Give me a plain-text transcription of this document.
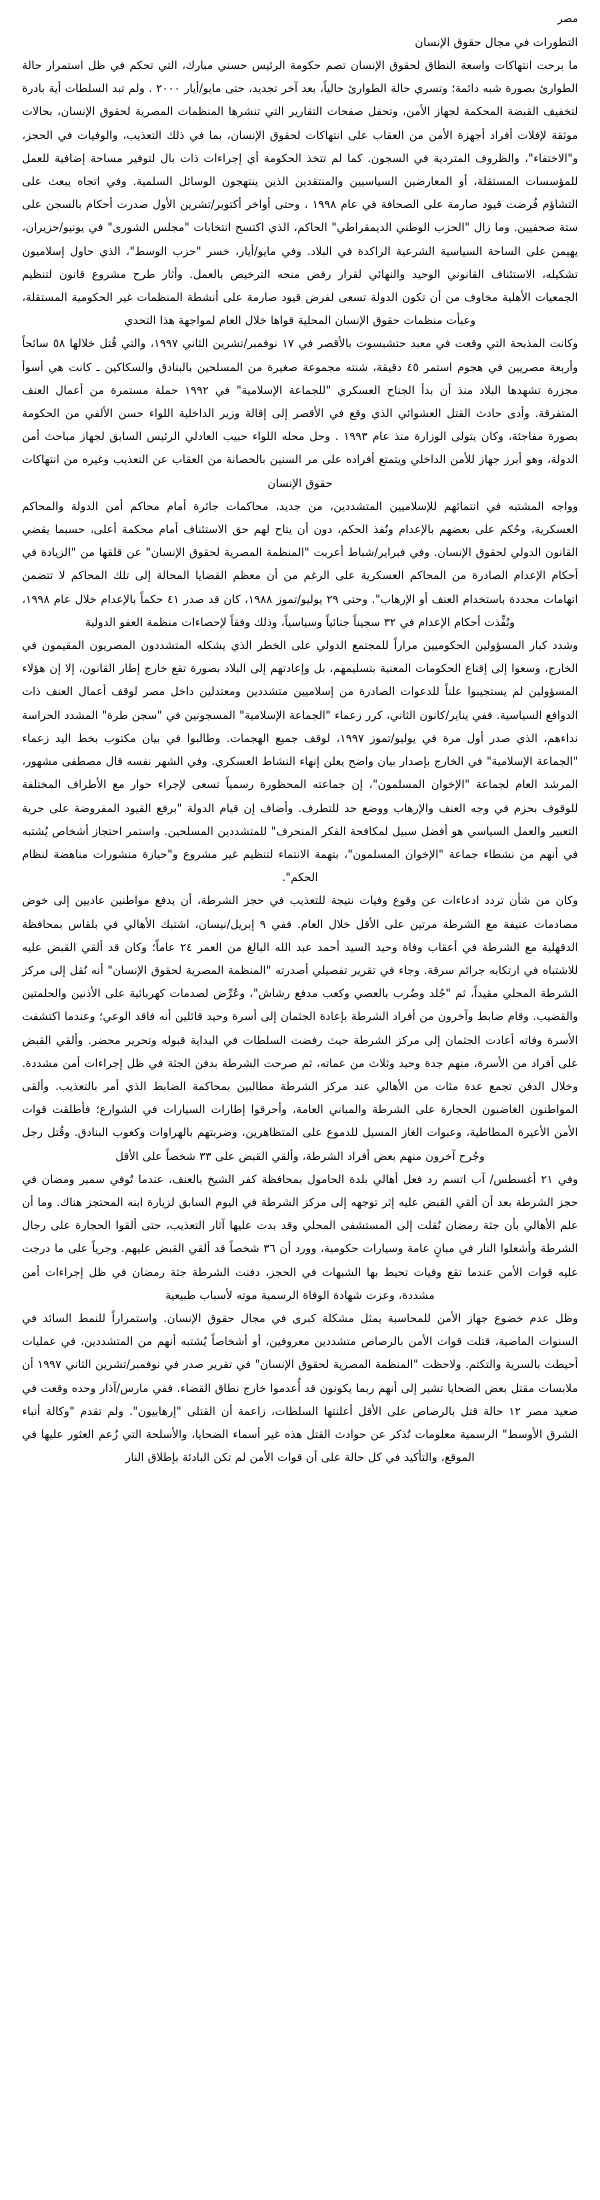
مصر
التطورات في مجال حقوق الإنسان

ما برحت انتهاكات واسعة النطاق لحقوق الإنسان تصم حكومة الرئيس حسني مبارك، التي تحكم في ظل استمرار حالة الطوارئ بصورة شبه دائمة؛ وتسري حالة الطوارئ حالياً، بعد آخر تجديد، حتى مايو/أيار ٢٠٠٠ . ولم تبد السلطات أية بادرة لتخفيف القبضة المحكمة لجهاز الأمن، وتحفل صفحات التقارير التي تنشرها المنظمات المصرية لحقوق الإنسان، بحالات موثقة لإفلات أفراد أجهزة الأمن من العقاب على انتهاكات لحقوق الإنسان، بما في ذلك التعذيب، والوفيات في الحجز، و"الاختفاء"، والظروف المتردية في السجون. كما لم تتخذ الحكومة أي إجراءات ذات بال لتوفير مساحة إضافية للعمل للمؤسسات المستقلة، أو المعارضين السياسيين والمنتقدين الذين ينتهجون الوسائل السلمية. وفي اتجاه يبعث على التشاؤم فُرضت قيود صارمة على الصحافة في عام ١٩٩٨ ، وحتى أواخر أكتوبر/تشرين الأول صدرت أحكام بالسجن على ستة صحفيين. وما زال "الحزب الوطني الديمقراطي" الحاكم، الذي اكتسح انتخابات "مجلس الشورى" في يونيو/حزيران، يهيمن على الساحة السياسية الشرعية الراكدة في البلاد. وفي مايو/أيار، خسر "حزب الوسط"، الذي حاول إسلاميون تشكيله، الاستئناف القانوني الوحيد والنهائي لقرار رفض منحه الترخيص بالعمل. وأثار طرح مشروع قانون لتنظيم الجمعيات الأهلية مخاوف من أن تكون الدولة تسعى لفرض قيود صارمة على أنشطة المنظمات غير الحكومية المستقلة، وعبأت منظمات حقوق الإنسان المحلية قواها خلال العام لمواجهة هذا التحدي

وكانت المذبحة التي وقعت في معبد حتشبسوت بالأقصر في ١٧ نوفمبر/تشرين الثاني ١٩٩٧، والتي قُتل خلالها ٥٨ سائحاً وأربعة مصريين في هجوم استمر ٤٥ دقيقة، شنته مجموعة صغيرة من المسلحين بالبنادق والسكاكين ـ كانت هي أسوأ مجزرة تشهدها البلاد منذ أن بدأ الجناح العسكري "للجماعة الإسلامية" في ١٩٩٢ حملة مستمرة من أعمال العنف المتفرقة. وأدى حادث القتل العشوائي الذي وقع في الأقصر إلى إقالة وزير الداخلية اللواء حسن الألفي من الحكومة بصورة مفاجئة، وكان يتولى الوزارة منذ عام ١٩٩٣ . وحل محله اللواء حبيب العادلي الرئيس السابق لجهاز مباحث أمن الدولة، وهو أبرز جهاز للأمن الداخلي ويتمتع أفراده على مر السنين بالحصانة من العقاب عن التعذيب وغيره من انتهاكات حقوق الإنسان

وواجه المشتبه في انتمائهم للإسلاميين المتشددين، من جديد، محاكمات جائرة أمام محاكم أمن الدولة والمحاكم العسكرية، وحُكم على بعضهم بالإعدام ونُفذ الحكم، دون أن يتاح لهم حق الاستئناف أمام محكمة أعلى، حسبما يقضي القانون الدولي لحقوق الإنسان. وفي فبراير/شباط أعربت "المنظمة المصرية لحقوق الإنسان" عن قلقها من "الزيادة في أحكام الإعدام الصادرة من المحاكم العسكرية على الرغم من أن معظم القضايا المحالة إلى تلك المحاكم لا تتضمن اتهامات محددة باستخدام العنف أو الإرهاب". وحتى ٢٩ يوليو/تموز ١٩٨٨، كان قد صدر ٤١ حكماً بالإعدام خلال عام ١٩٩٨، ونُفِّذت أحكام الإعدام في ٣٢ سجيناً جنائياً وسياسياً، وذلك وفقاً لإحصاءات منظمة العفو الدولية

وشدد كبار المسؤولين الحكوميين مراراً للمجتمع الدولي على الخطر الذي يشكله المتشددون المصريون المقيمون في الخارج، وسعوا إلى إقناع الحكومات المعنية بتسليمهم، بل وإعادتهم إلى البلاد بصورة تقع خارج إطار القانون، إلا إن هؤلاء المسؤولين لم يستجيبوا علناً للدعوات الصادرة من إسلاميين متشددين ومعتدلين داخل مصر لوقف أعمال العنف ذات الدوافع السياسية. ففي يناير/كانون الثاني، كرر زعماء "الجماعة الإسلامية" المسجونين في "سجن طرة" المشدد الحراسة نداءهم، الذي صدر أول مرة في يوليو/تموز ١٩٩٧، لوقف جميع الهجمات. وطالبوا في بيان مكتوب بخط اليد زعماء "الجماعة الإسلامية" في الخارج بإصدار بيان واضح يعلن إنهاء النشاط العسكري. وفي الشهر نفسه قال مصطفى مشهور، المرشد العام لجماعة "الإخوان المسلمون"، إن جماعته المحظورة رسمياً تسعى لإجراء حوار مع الأطراف المختلفة للوقوف بحزم في وجه العنف والإرهاب ووضع حد للتطرف. وأضاف إن قيام الدولة "برفع القيود المفروضة على حرية التعبير والعمل السياسي هو أفضل سبيل لمكافحة الفكر المنحرف" للمتشددين المسلحين. واستمر احتجاز أشخاص يُشتبه في أنهم من نشطاء جماعة "الإخوان المسلمون"، بتهمة الانتماء لتنظيم غير مشروع و"حيازة منشورات مناهضة لنظام الحكم".

وكان من شأن تردد ادعاءات عن وقوع وفيات نتيجة للتعذيب في حجز الشرطة، أن يدفع مواطنين عاديين إلى خوض مصادمات عنيفة مع الشرطة مرتين على الأقل خلال العام. ففي ٩ إبريل/نيسان، اشتبك الأهالي في بلقاس بمحافظة الدقهلية مع الشرطة في أعقاب وفاة وحيد السيد أحمد عبد الله البالغ من العمر ٢٤ عاماً؛ وكان قد ألقي القبض عليه للاشتباه في ارتكابه جرائم سرقة. وجاء في تقرير تفصيلي أصدرته "المنظمة المصرية لحقوق الإنسان" أنه نُقل إلى مركز الشرطة المحلي مقيداً، ثم "جُلد وضُرب بالعصي وكعب مدفع رشاش"، وعُرِّض لصدمات كهربائية على الأذنين والحلمتين والقضيب. وقام ضابط وآخرون من أفراد الشرطة بإعادة الجثمان إلى أسرة وحيد قائلين أنه فاقد الوعي؛ وعندما اكتشفت الأسرة وفاته أعادت الجثمان إلى مركز الشرطة حيث رفضت السلطات في البداية قبوله وتحرير محضر. وألقي القبض على أفراد من الأسرة، منهم جدة وحيد وثلاث من عماته، ثم صرحت الشرطة بدفن الجثة في ظل إجراءات أمن مشددة. وخلال الدفن تجمع عدة مئات من الأهالي عند مركز الشرطة مطالبين بمحاكمة الضابط الذي أمر بالتعذيب. وألقى المواطنون الغاضبون الحجارة على الشرطة والمباني العامة، وأحرقوا إطارات السيارات في الشوارع؛ فأطلقت قوات الأمن الأعيرة المطاطية، وعبوات الغاز المسيل للدموع على المتظاهرين، وضربتهم بالهراوات وكعوب البنادق. وقُتل رجل وجُرح آخرون منهم بعض أفراد الشرطة، وألقي القبض على ٣٣ شخصاً على الأقل

وفي ٢١ أغسطس/ آب اتسم رد فعل أهالي بلدة الحامول بمحافظة كفر الشيخ بالعنف، عندما تُوفي سمير ومضان في حجز الشرطة بعد أن ألقي القبض عليه إثر توجهه إلى مركز الشرطة في اليوم السابق لزيارة ابنه المحتجز هناك. وما أن علم الأهالي بأن جثة رمضان نُقلت إلى المستشفى المحلي وقد بدت عليها آثار التعذيب، حتى ألقوا الحجارة على رجال الشرطة وأشعلوا النار في مبانٍ عامة وسيارات حكومية، وورد أن ٣٦ شخصاً قد ألقي القبض عليهم. وجرياً على ما درجت عليه قوات الأمن عندما تقع وفيات تحيط بها الشبهات في الحجز، دفنت الشرطة جثة رمضان في ظل إجراءات أمن مشددة، وعزت شهادة الوفاة الرسمية موته لأسباب طبيعية

وظل عدم خضوع جهاز الأمن للمحاسبة يمثل مشكلة كبرى في مجال حقوق الإنسان. واستمراراً للنمط السائد في السنوات الماضية، قتلت قوات الأمن بالرصاص متشددين معروفين، أو أشخاصاً يُشتبه أنهم من المتشددين، في عمليات أحيطت بالسرية والتكتم. ولاحظت "المنظمة المصرية لحقوق الإنسان" في تقرير صدر في نوفمبر/تشرين الثاني ١٩٩٧ أن ملابسات مقتل بعض الضحايا تشير إلى أنهم ربما يكونون قد أُعدموا خارج نطاق القضاء. ففي مارس/آذار وحده وقعت في صعيد مصر ١٢ حالة قتل بالرصاص على الأقل أعلنتها السلطات، زاعمة أن القتلى "إرهابيون". ولم تقدم "وكالة أنباء الشرق الأوسط" الرسمية معلومات تُذكر عن حوادث القتل هذه غير أسماء الضحايا، والأسلحة التي زُعم العثور عليها في الموقع، والتأكيد في كل حالة على أن قوات الأمن لم تكن البادئة بإطلاق النار
